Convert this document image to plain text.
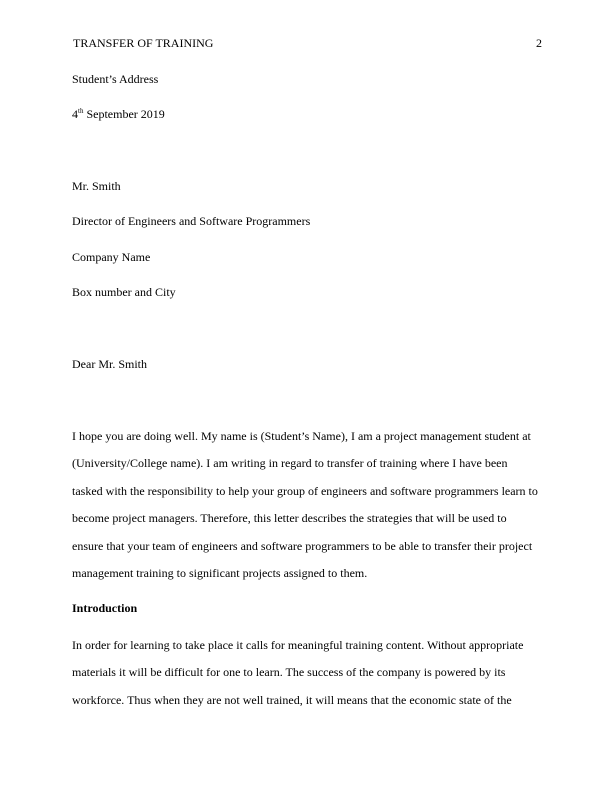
TRANSFER OF TRAINING	2
Student’s Address
4th September 2019
Mr. Smith
Director of Engineers and Software Programmers
Company Name
Box number and City
Dear Mr. Smith
I hope you are doing well. My name is (Student’s Name), I am a project management student at
(University/College name). I am writing in regard to transfer of training where I have been
tasked with the responsibility to help your group of engineers and software programmers learn to
become project managers. Therefore, this letter describes the strategies that will be used to
ensure that your team of engineers and software programmers to be able to transfer their project
management training to significant projects assigned to them.
Introduction
In order for learning to take place it calls for meaningful training content. Without appropriate
materials it will be difficult for one to learn. The success of the company is powered by its
workforce. Thus when they are not well trained, it will means that the economic state of the
